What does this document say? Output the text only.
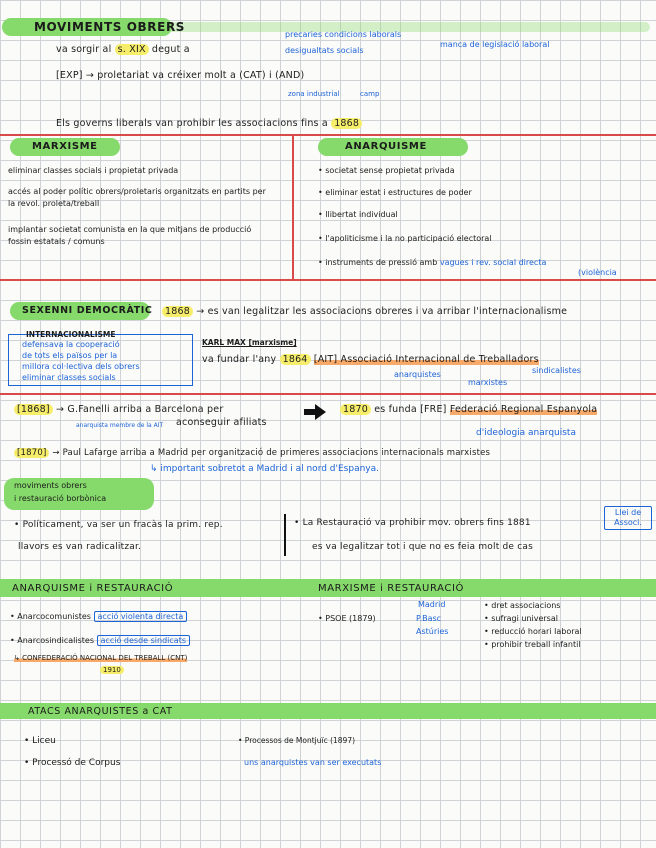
MOVIMENTS OBRERS
va sorgir al s. XIX degut a
precaries condicions laborals
desigualtats socials
manca de legislació laboral
[EXP] → proletariat va créixer molt a (CAT) i (AND)
zona industrial	camp
Els governs liberals van prohibir les associacions fins a 1868
MARXISME
eliminar classes socials i propietat privada
accés al poder polític obrers/proletaris organitzats en partits per la revol. proleta/treball
implantar societat comunista en la que mitjans de producció fossin estatals / comuns
ANARQUISME
• societat sense propietat privada
• eliminar estat i estructures de poder
• llibertat individual
• l'apoliticisme i la no participació electoral
• instruments de pressió amb vagues i rev. social directa
(violència
SEXENNI DEMOCRÀTIC	1868 → es van legalitzar les associacions obreres i va arribar l'internacionalisme
INTERNACIONALISME
defensava la cooperació
de tots els països per la
millora col·lectiva dels obrers
eliminar classes socials
KARL MAX [marxisme]
va fundar l'any 1864 [AIT] Associació Internacional de Treballadors
anarquistes
marxistes
sindicalistes
[1868] → G.Fanelli arriba a Barcelona per
aconseguir afiliats
anarquista membre de la AIT
1870 es funda [FRE] Federació Regional Espanyola
d'ideologia anarquista
[1870] → Paul Lafarge arriba a Madrid per organització de primeres associacions internacionals marxistes
↳ important sobretot a Madrid i al nord d'Espanya.
moviments obrers
i restauració borbònica
• Políticament, va ser un fracàs la prim. rep.
llavors es van radicalitzar.
• La Restauració va prohibir mov. obrers fins 1881
Llei de Associ.
es va legalitzar tot i que no es feia molt de cas
ANARQUISME i RESTAURACIÓ	MARXISME i RESTAURACIÓ
• Anarcocomunistes acció violenta directa
• Anarcosindicalistes acció desde sindicats
↳ CONFEDERACIÓ NACIONAL DEL TREBALL (CNT)
1910
• PSOE (1879)
Madrid
P.Basc
Astúries
• dret associacions
• sufragi universal
• reducció horari laboral
• prohibir treball infantil
ATACS ANARQUISTES a CAT
• Liceu
• Processó de Corpus
• Processos de Montjuïc (1897)
uns anarquistes van ser executats
